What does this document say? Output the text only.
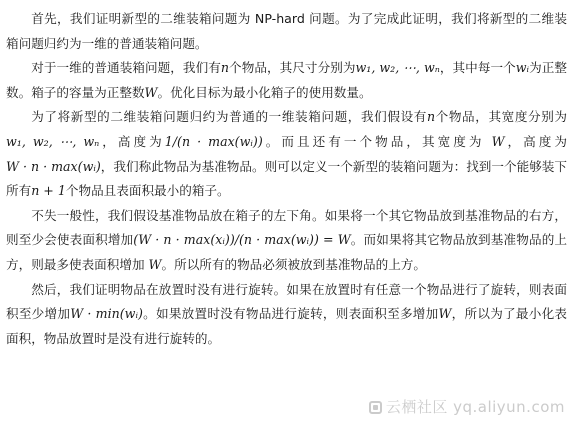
首先，我们证明新型的二维装箱问题为 NP-hard 问题。为了完成此证明，我们将新型的二维装箱问题归约为一维的普通装箱问题。

对于一维的普通装箱问题，我们有n个物品，其尺寸分别为w₁, w₂, ⋯, wₙ，其中每一个wᵢ为正整数。箱子的容量为正整数W。优化目标为最小化箱子的使用数量。

为了将新型的二维装箱问题归约为普通的一维装箱问题，我们假设有n个物品，其宽度分别为w₁, w₂, ⋯, wₙ，高度为1/(n · max(wᵢ))。而且还有一个物品，其宽度为 W，高度为W · n · max(wᵢ)，我们称此物品为基准物品。则可以定义一个新型的装箱问题为：找到一个能够装下所有n + 1个物品且表面积最小的箱子。

不失一般性，我们假设基准物品放在箱子的左下角。如果将一个其它物品放到基准物品的右方，则至少会使表面积增加(W · n · max(xᵢ))/(n · max(wᵢ)) = W。而如果将其它物品放到基准物品的上方，则最多使表面积增加 W。所以所有的物品必须被放到基准物品的上方。

然后，我们证明物品在放置时没有进行旋转。如果在放置时有任意一个物品进行了旋转，则表面积至少增加W · min(wᵢ)。如果放置时没有物品进行旋转，则表面积至多增加W，所以为了最小化表面积，物品放置时是没有进行旋转的。

云栖社区 yq.aliyun.com
